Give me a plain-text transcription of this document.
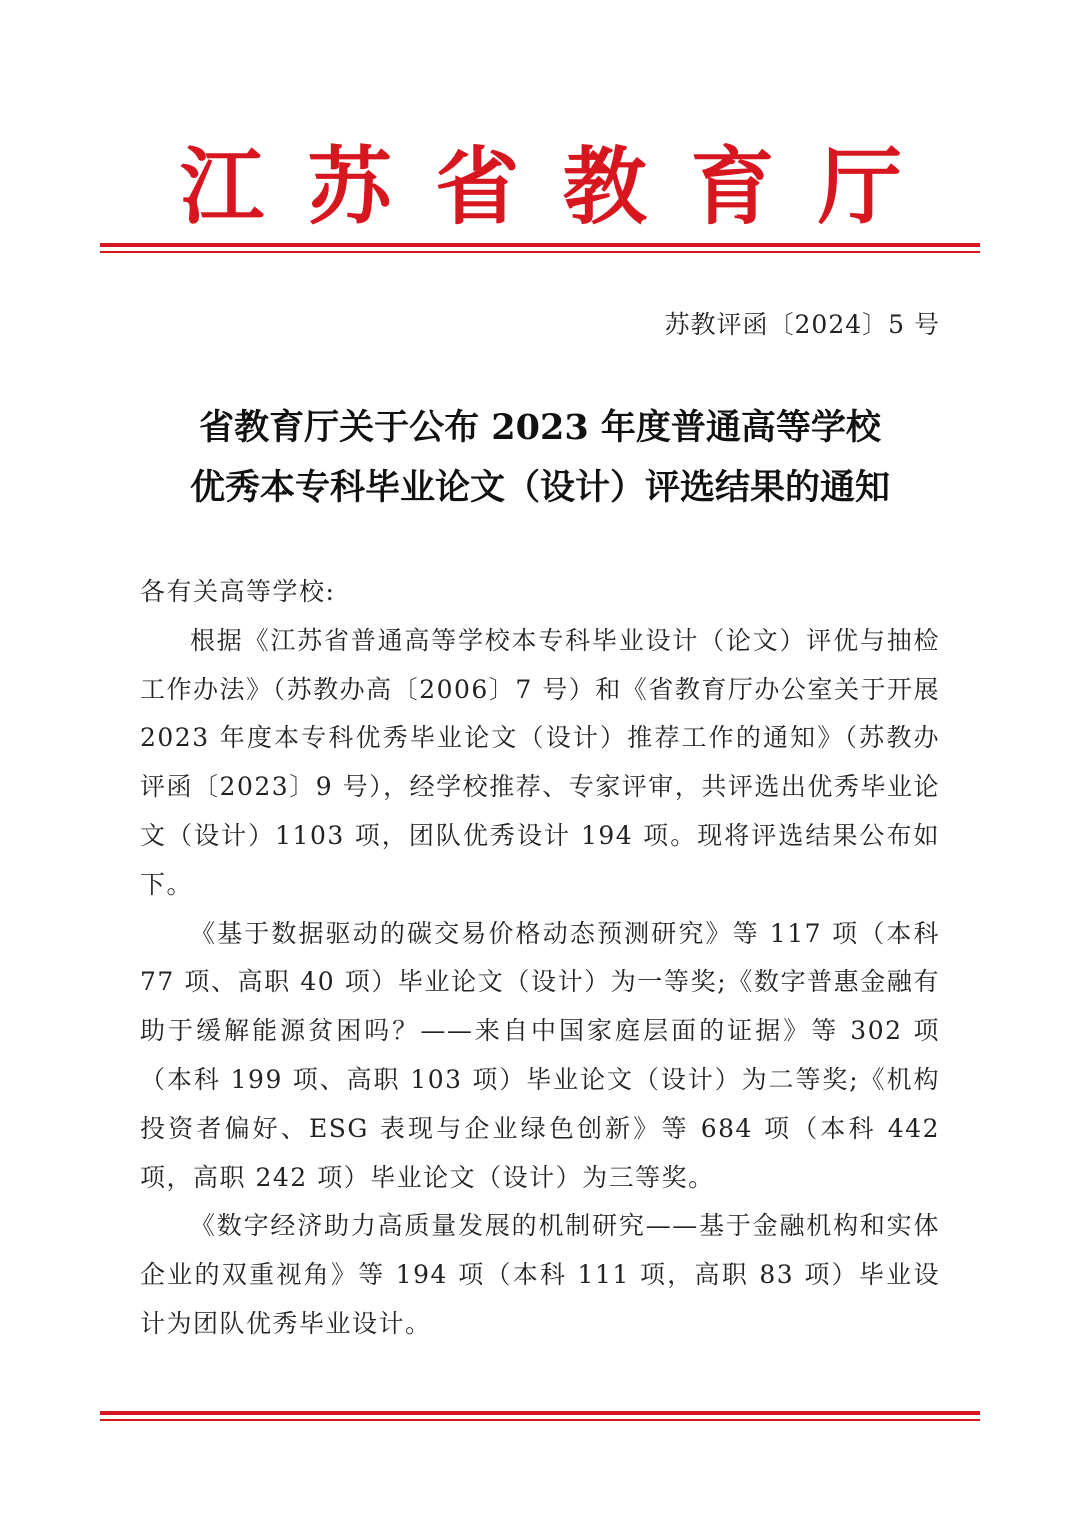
江 苏 省 教 育 厅
苏教评函〔2024〕5 号
省教育厅关于公布 2023 年度普通高等学校
优秀本专科毕业论文（设计）评选结果的通知

各有关高等学校:

根据《江苏省普通高等学校本专科毕业设计（论文）评优与抽检工作办法》（苏教办高〔2006〕7 号）和《省教育厅办公室关于开展 2023 年度本专科优秀毕业论文（设计）推荐工作的通知》（苏教办评函〔2023〕9 号），经学校推荐、专家评审，共评选出优秀毕业论文（设计）1103 项，团队优秀设计 194 项。现将评选结果公布如下。

《基于数据驱动的碳交易价格动态预测研究》等 117 项（本科 77 项、高职 40 项）毕业论文（设计）为一等奖;《数字普惠金融有助于缓解能源贫困吗？——来自中国家庭层面的证据》等 302 项（本科 199 项、高职 103 项）毕业论文（设计）为二等奖;《机构投资者偏好、ESG 表现与企业绿色创新》等 684 项（本科 442 项，高职 242 项）毕业论文（设计）为三等奖。

《数字经济助力高质量发展的机制研究——基于金融机构和实体企业的双重视角》等 194 项（本科 111 项，高职 83 项）毕业设计为团队优秀毕业设计。
